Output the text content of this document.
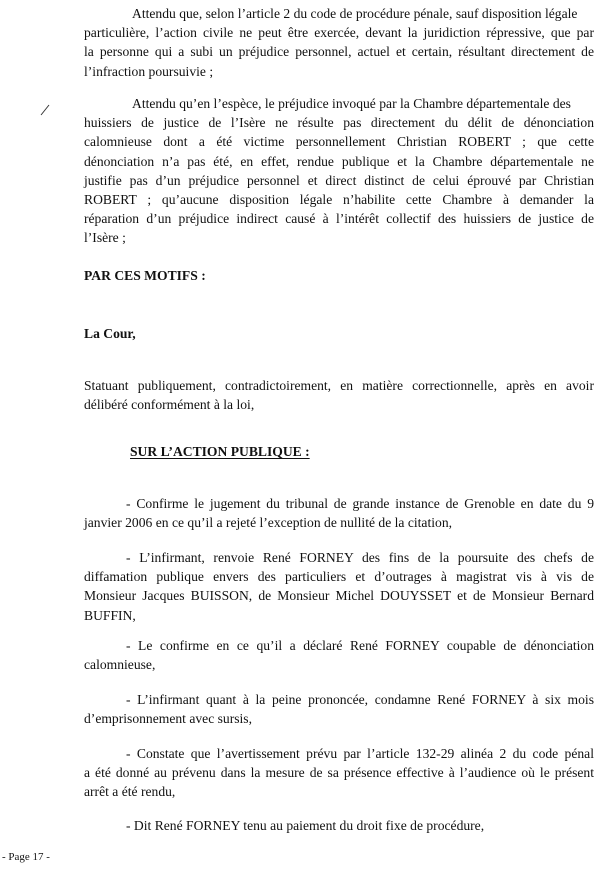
Attendu que, selon l’article 2 du code de procédure pénale, sauf disposition légale
particulière, l’action civile ne peut être exercée, devant la juridiction répressive, que par
la personne qui a subi un préjudice personnel, actuel et certain, résultant directement de
l’infraction poursuivie ;
Attendu qu’en l’espèce, le préjudice invoqué par la Chambre départementale des
huissiers de justice de l’Isère ne résulte pas directement du délit de dénonciation
calomnieuse dont a été victime personnellement Christian ROBERT ; que cette
dénonciation n’a pas été, en effet, rendue publique et la Chambre départementale ne
justifie pas d’un préjudice personnel et direct distinct de celui éprouvé par Christian
ROBERT ; qu’aucune disposition légale n’habilite cette Chambre à demander la
réparation d’un préjudice indirect causé à l’intérêt collectif des huissiers de justice de
l’Isère ;
PAR CES MOTIFS :
La Cour,
Statuant publiquement, contradictoirement, en matière correctionnelle, après en avoir
délibéré conformément à la loi,
SUR L’ACTION PUBLIQUE :
- Confirme le jugement du tribunal de grande instance de Grenoble en date du 9
janvier 2006 en ce qu’il a rejeté l’exception de nullité de la citation,
- L’infirmant, renvoie René FORNEY des fins de la poursuite des chefs de
diffamation publique envers des particuliers et d’outrages à magistrat vis à vis de
Monsieur Jacques BUISSON, de Monsieur Michel DOUYSSET et de Monsieur Bernard
BUFFIN,
- Le confirme en ce qu’il a déclaré René FORNEY coupable de dénonciation
calomnieuse,
- L’infirmant quant à la peine prononcée, condamne René FORNEY à six mois
d’emprisonnement avec sursis,
- Constate que l’avertissement prévu par l’article 132-29 alinéa 2 du code pénal
a été donné au prévenu dans la mesure de sa présence effective à l’audience où le présent
arrêt a été rendu,
- Dit René FORNEY tenu au paiement du droit fixe de procédure,
- Page 17 -
